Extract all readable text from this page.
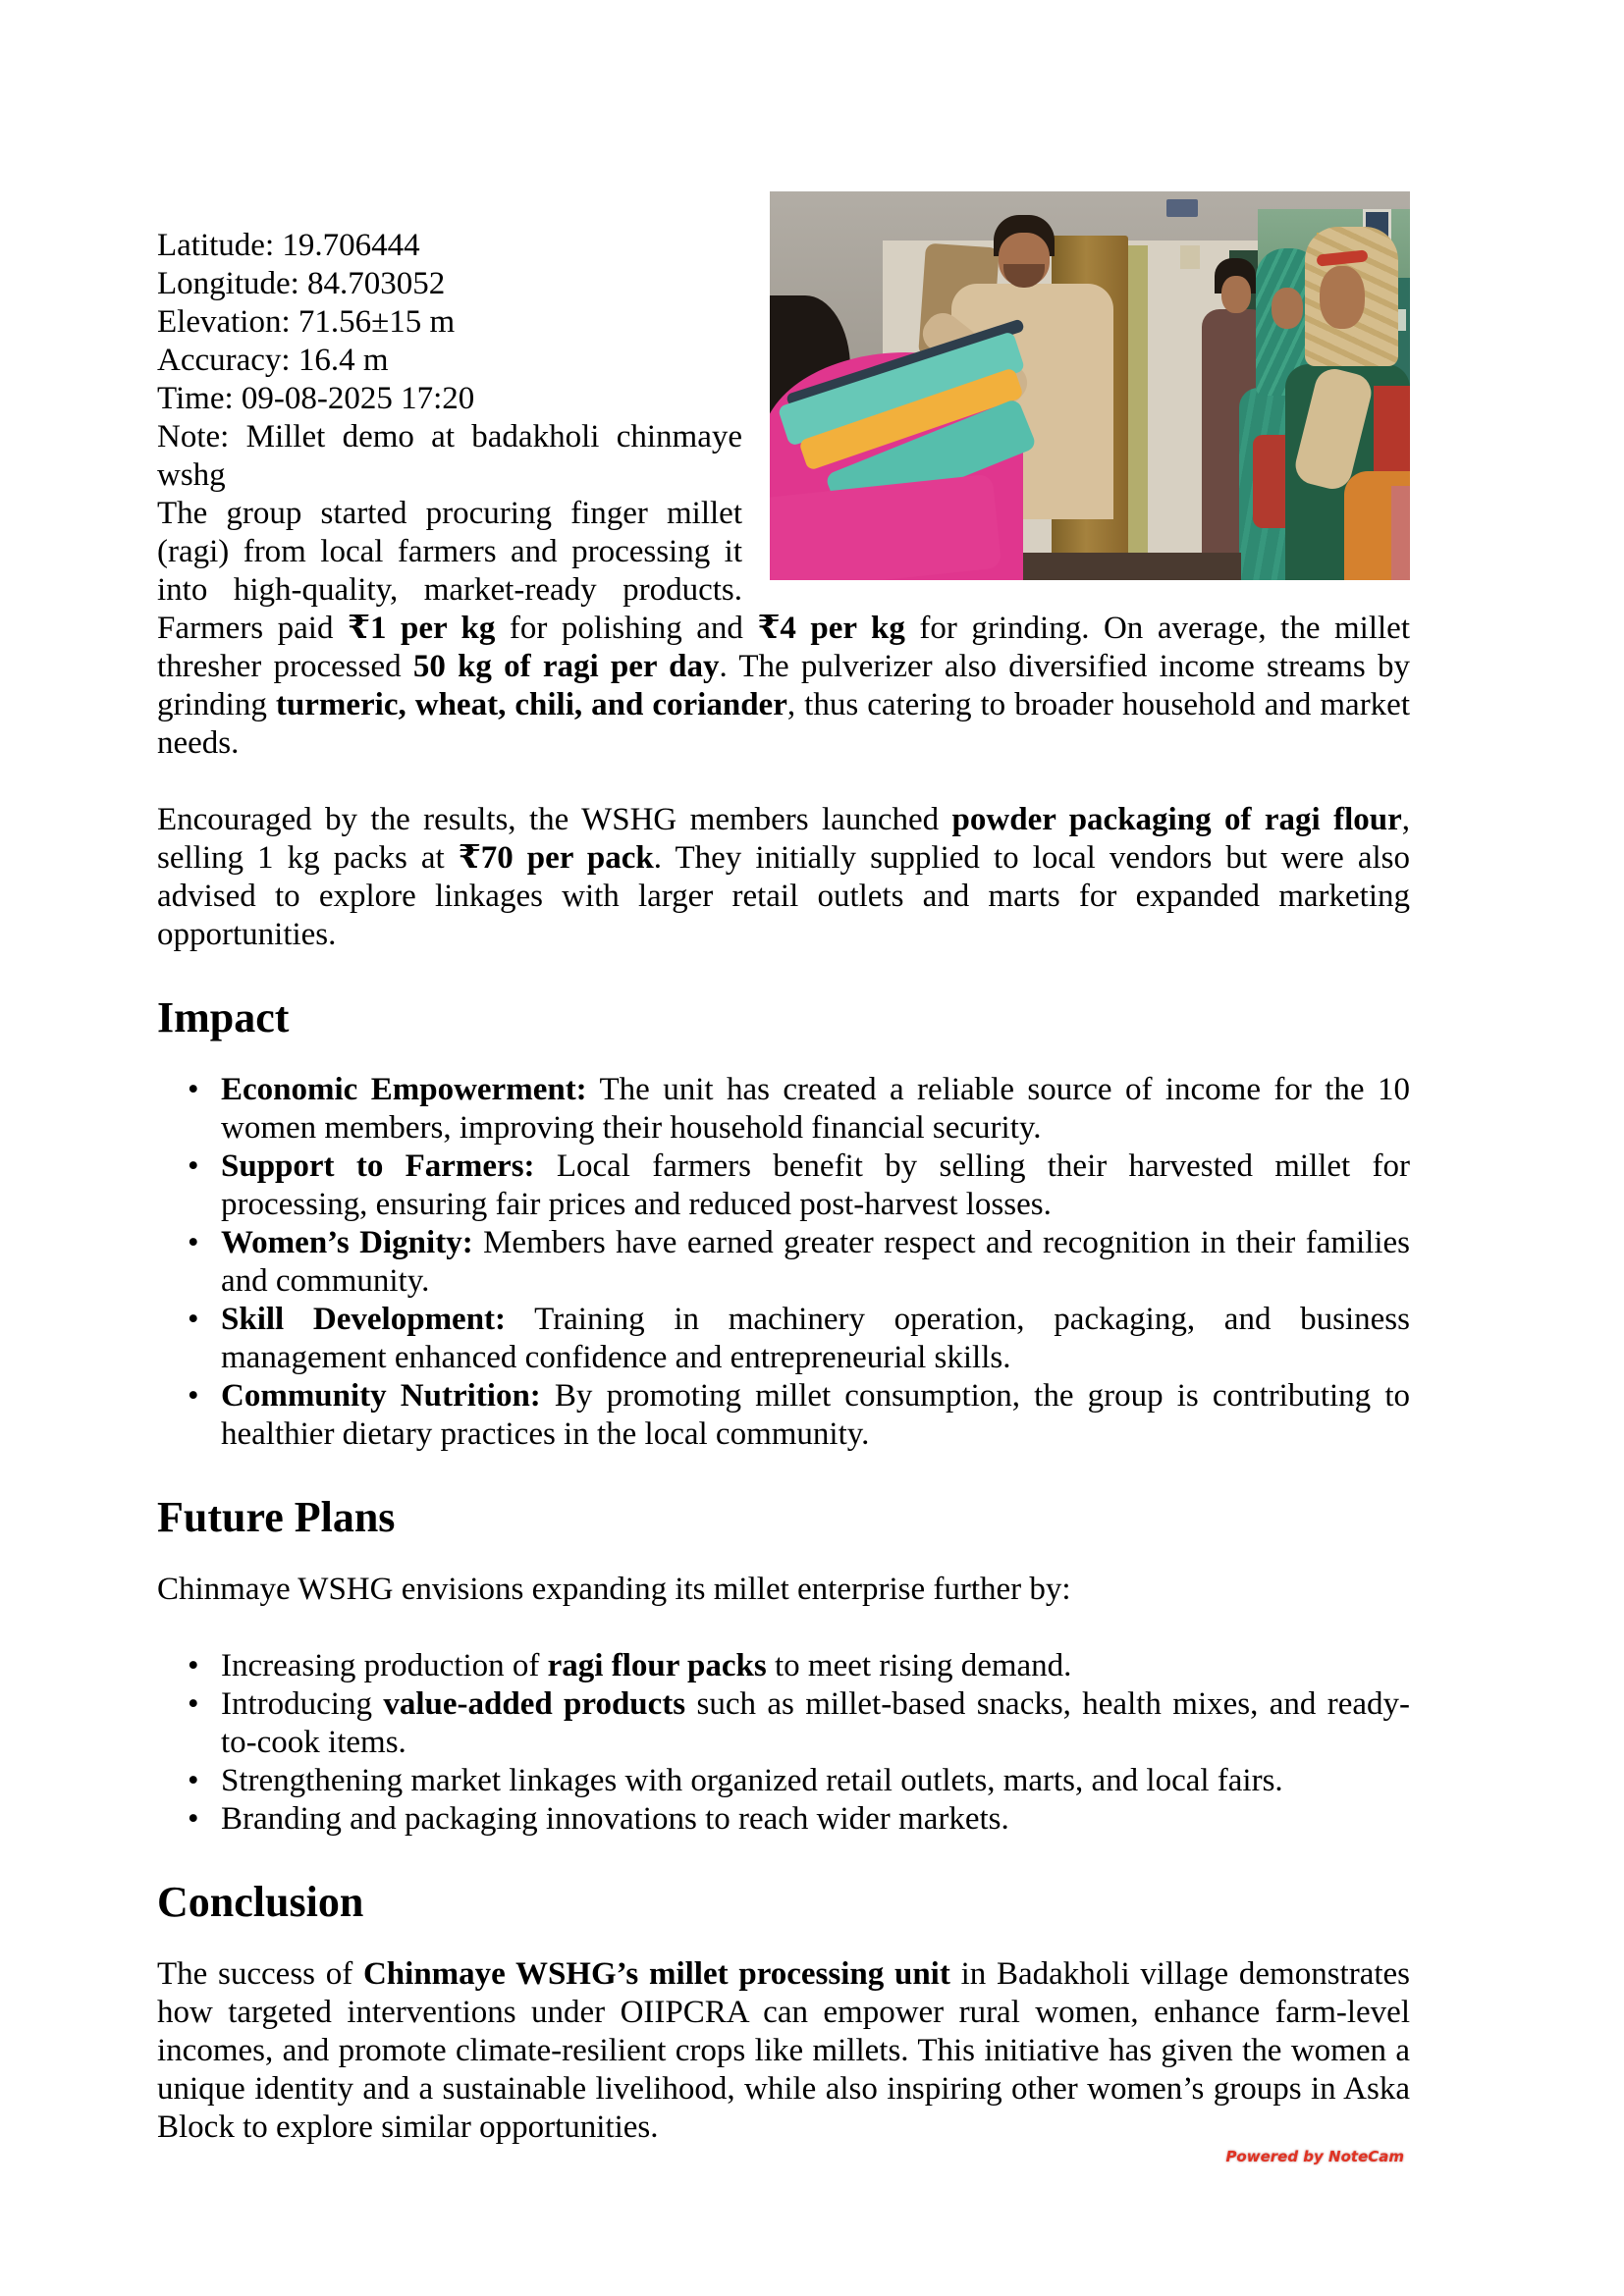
Latitude: 19.706444
Longitude: 84.703052
Elevation: 71.56±15 m
Accuracy: 16.4 m
Time: 09-08-2025 17:20
Note: Millet demo at badakholi chinmaye wshg
Powered by NoteCam
The group started procuring finger millet (ragi) from local farmers and processing it into high-quality, market-ready products. Farmers paid ₹1 per kg for polishing and ₹4 per kg for grinding. On average, the millet thresher processed 50 kg of ragi per day. The pulverizer also diversified income streams by grinding turmeric, wheat, chili, and coriander, thus catering to broader household and market needs.

Encouraged by the results, the WSHG members launched powder packaging of ragi flour, selling 1 kg packs at ₹70 per pack. They initially supplied to local vendors but were also advised to explore linkages with larger retail outlets and marts for expanded marketing opportunities.

Impact
• Economic Empowerment: The unit has created a reliable source of income for the 10 women members, improving their household financial security.
• Support to Farmers: Local farmers benefit by selling their harvested millet for processing, ensuring fair prices and reduced post-harvest losses.
• Women’s Dignity: Members have earned greater respect and recognition in their families and community.
• Skill Development: Training in machinery operation, packaging, and business management enhanced confidence and entrepreneurial skills.
• Community Nutrition: By promoting millet consumption, the group is contributing to healthier dietary practices in the local community.
Future Plans

Chinmaye WSHG envisions expanding its millet enterprise further by:

• Increasing production of ragi flour packs to meet rising demand.
• Introducing value-added products such as millet-based snacks, health mixes, and ready-to-cook items.
• Strengthening market linkages with organized retail outlets, marts, and local fairs.
• Branding and packaging innovations to reach wider markets.
Conclusion

The success of Chinmaye WSHG’s millet processing unit in Badakholi village demonstrates how targeted interventions under OIIPCRA can empower rural women, enhance farm-level incomes, and promote climate-resilient crops like millets. This initiative has given the women a unique identity and a sustainable livelihood, while also inspiring other women’s groups in Aska Block to explore similar opportunities.
